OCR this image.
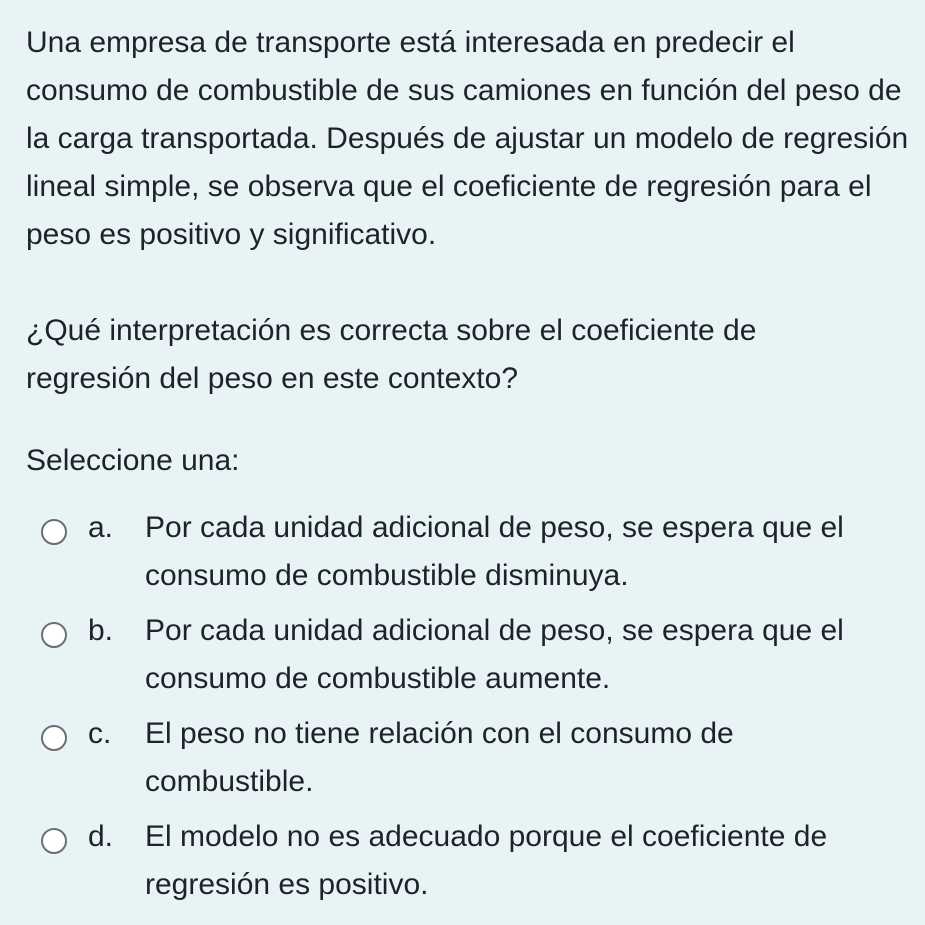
Una empresa de transporte está interesada en predecir el consumo de combustible de sus camiones en función del peso de la carga transportada. Después de ajustar un modelo de regresión lineal simple, se observa que el coeficiente de regresión para el peso es positivo y significativo.

¿Qué interpretación es correcta sobre el coeficiente de regresión del peso en este contexto?

Seleccione una:
a. Por cada unidad adicional de peso, se espera que el consumo de combustible disminuya.
b. Por cada unidad adicional de peso, se espera que el consumo de combustible aumente.
c. El peso no tiene relación con el consumo de combustible.
d. El modelo no es adecuado porque el coeficiente de regresión es positivo.
